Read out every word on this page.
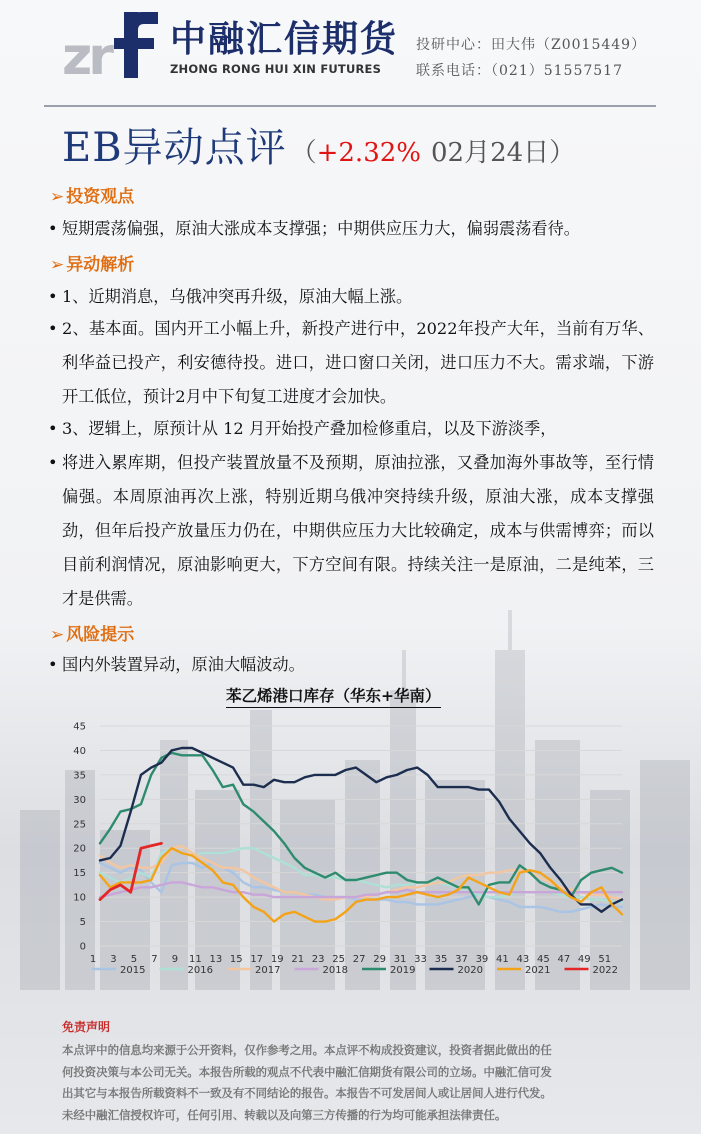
zr 中融汇信期货
ZHONG RONG HUI XIN FUTURES
投研中心：田大伟（Z0015449）
联系电话：（021）51557517
EB异动点评 （ +2.32% 02月24日）
➢ 投资观点
• 短期震荡偏强，原油大涨成本支撑强；中期供应压力大，偏弱震荡看待。
➢ 异动解析
• 1、近期消息，乌俄冲突再升级，原油大幅上涨。
• 2、基本面。国内开工小幅上升，新投产进行中，2022年投产大年，当前有万华、利华益已投产，利安德待投。进口，进口窗口关闭，进口压力不大。需求端，下游开工低位，预计2月中下旬复工进度才会加快。
• 3、逻辑上，原预计从 12 月开始投产叠加检修重启，以及下游淡季，
• 将进入累库期，但投产装置放量不及预期，原油拉涨，又叠加海外事故等，至行情偏强。本周原油再次上涨，特别近期乌俄冲突持续升级，原油大涨，成本支撑强劲，但年后投产放量压力仍在，中期供应压力大比较确定，成本与供需博弈；而以目前利润情况，原油影响更大，下方空间有限。持续关注一是原油，二是纯苯，三才是供需。
➢ 风险提示
• 国内外装置异动，原油大幅波动。
苯乙烯港口库存（华东+华南）
0
5
10
15
20
25
30
35
40
45
1 3 5 7 9 11 13 15 17 19 21 23 25 27 29 31 33 35 37 39 41 43 45 47 49 51
2015	2016	2017	2018	2019	2020	2021	2022
免责声明
本点评中的信息均来源于公开资料，仅作参考之用。本点评不构成投资建议，投资者据此做出的任
何投资决策与本公司无关。本报告所载的观点不代表中融汇信期货有限公司的立场。中融汇信可发
出其它与本报告所载资料不一致及有不同结论的报告。本报告不可发居间人或让居间人进行代发。
未经中融汇信授权许可，任何引用、转载以及向第三方传播的行为均可能承担法律责任。
